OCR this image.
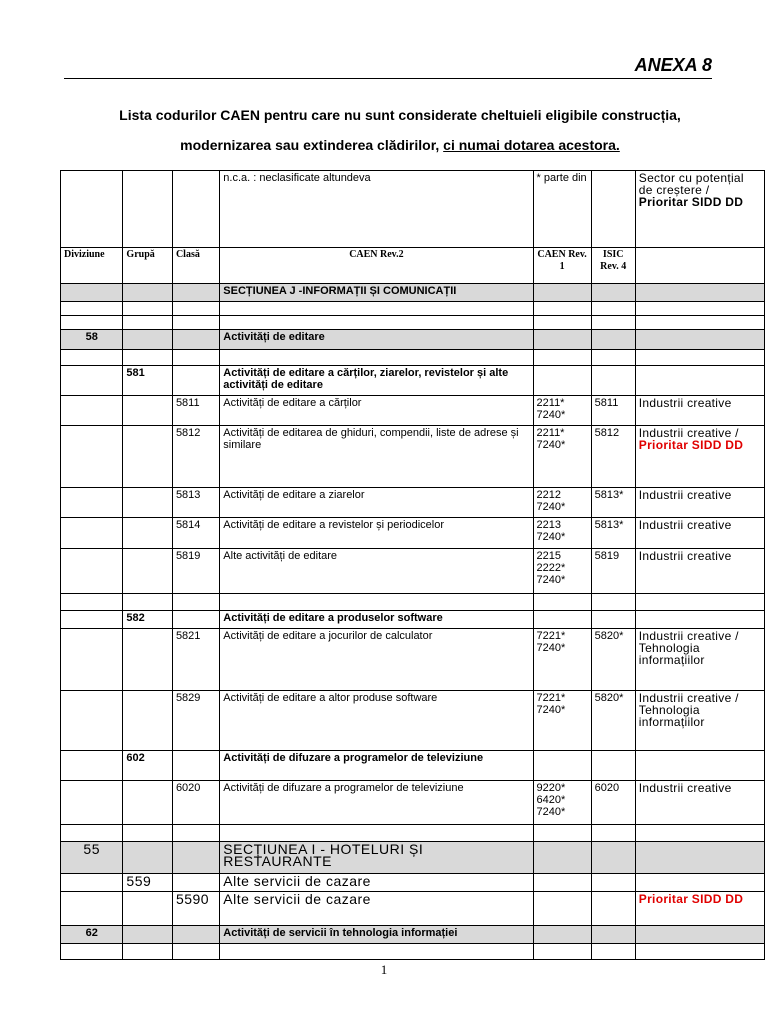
ANEXA 8
Lista codurilor CAEN pentru care nu sunt considerate cheltuieli eligibile construcția,
modernizarea sau extinderea clădirilor, ci numai dotarea acestora.
			n.c.a. : neclasificate altundeva	* parte din		Sector cu potențial de creștere /
Prioritar SIDD DD
Diviziune	Grupă	Clasă	CAEN Rev.2	CAEN Rev. 1	ISIC Rev. 4	
			SECȚIUNEA J -INFORMAȚII ȘI COMUNICAȚII			

58			Activități de editare			

	581		Activități de editare a cărților, ziarelor, revistelor și alte activități de editare			
		5811	Activități de editare a cărților	2211* 7240*	5811	Industrii creative
		5812	Activități de editarea de ghiduri, compendii, liste de adrese și similare	2211* 7240*	5812	Industrii creative /
Prioritar SIDD DD
		5813	Activități de editare a ziarelor	2212 7240*	5813*	Industrii creative
		5814	Activități de editare a revistelor și periodicelor	2213 7240*	5813*	Industrii creative
		5819	Alte activități de editare	2215 2222* 7240*	5819	Industrii creative

	582		Activități de editare a produselor software			
		5821	Activități de editare a jocurilor de calculator	7221* 7240*	5820*	Industrii creative / Tehnologia informațiilor
		5829	Activități de editare a altor produse software	7221* 7240*	5820*	Industrii creative / Tehnologia informațiilor
	602		Activități de difuzare a programelor de televiziune			
		6020	Activități de difuzare a programelor de televiziune	9220* 6420* 7240*	6020	Industrii creative

55			SECȚIUNEA I - HOTELURI ȘI RESTAURANTE			
	559		Alte servicii de cazare			
		5590	Alte servicii de cazare			Prioritar SIDD DD
62			Activități de servicii în tehnologia informației			

1
